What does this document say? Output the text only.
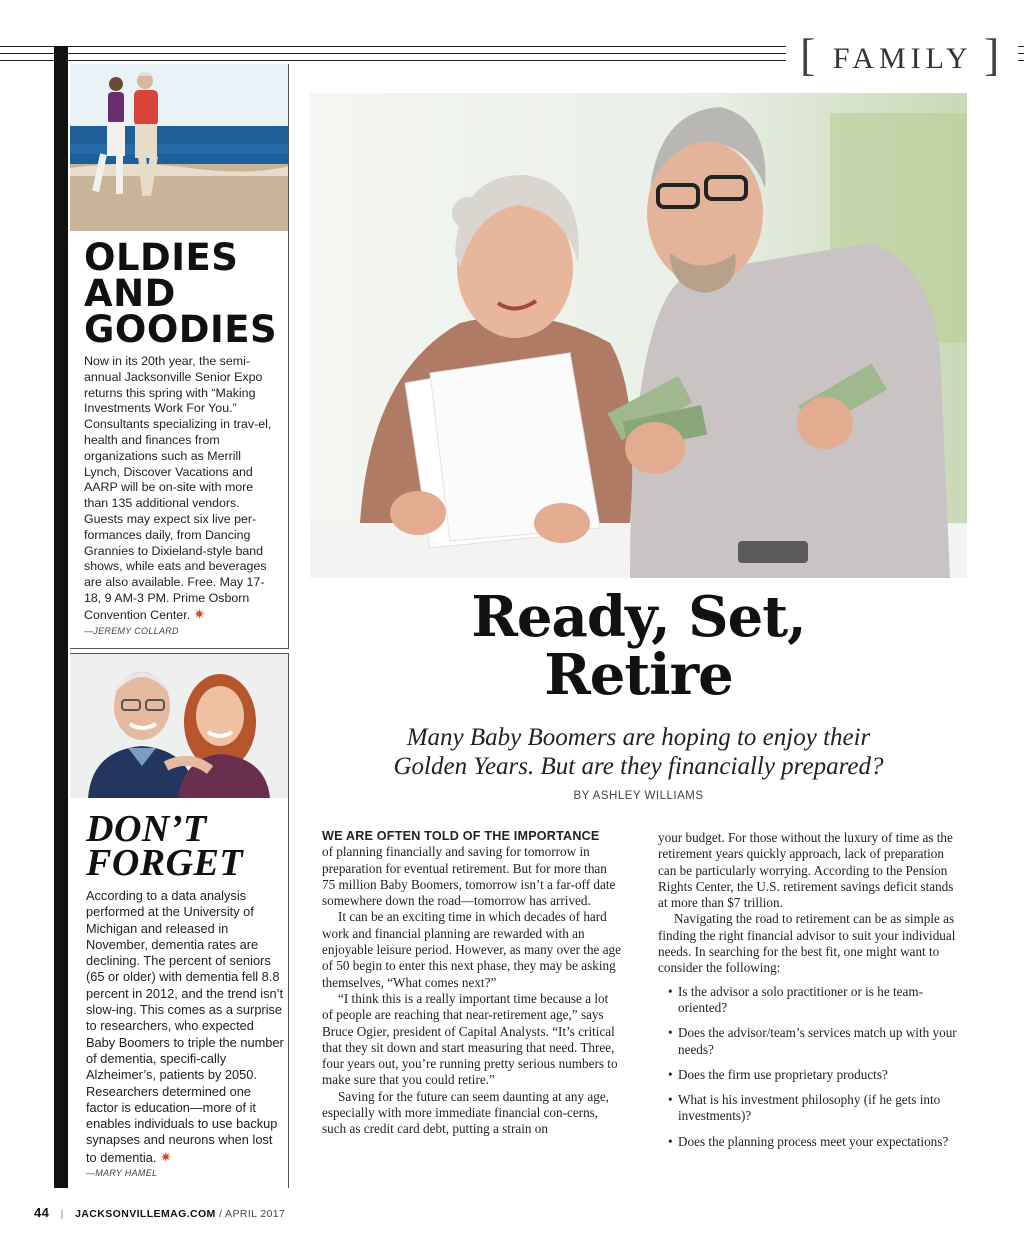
[ FAMILY ]
OLDIES
AND
GOODIES

Now in its 20th year, the semi-annual Jacksonville Senior Expo returns this spring with “Making Investments Work For You.” Consultants specializing in trav-el, health and finances from organizations such as Merrill Lynch, Discover Vacations and AARP will be on-site with more than 135 additional vendors. Guests may expect six live per-formances daily, from Dancing Grannies to Dixieland-style band shows, while eats and beverages are also available. Free. May 17-18, 9 AM-3 PM. Prime Osborn Convention Center. ✷

—JEREMY COLLARD
DON’T
FORGET

According to a data analysis performed at the University of Michigan and released in November, dementia rates are declining. The percent of seniors (65 or older) with dementia fell 8.8 percent in 2012, and the trend isn’t slow-ing. This comes as a surprise to researchers, who expected Baby Boomers to triple the number of dementia, specifi-cally Alzheimer’s, patients by 2050. Researchers determined one factor is education—more of it enables individuals to use backup synapses and neurons when lost to dementia. ✷

—MARY HAMEL
Ready, Set,
Retire
Many Baby Boomers are hoping to enjoy their
Golden Years. But are they financially prepared?
BY ASHLEY WILLIAMS
WE ARE OFTEN TOLD OF THE IMPORTANCE

of planning financially and saving for tomorrow in preparation for eventual retirement. But for more than 75 million Baby Boomers, tomorrow isn’t a far-off date somewhere down the road—tomorrow has arrived.

It can be an exciting time in which decades of hard work and financial planning are rewarded with an enjoyable leisure period. However, as many over the age of 50 begin to enter this next phase, they may be asking themselves, “What comes next?”

“I think this is a really important time because a lot of people are reaching that near-retirement age,” says Bruce Ogier, president of Capital Analysts. “It’s critical that they sit down and start measuring that need. Three, four years out, you’re running pretty serious numbers to make sure that you could retire.”

Saving for the future can seem daunting at any age, especially with more immediate financial con-cerns, such as credit card debt, putting a strain on

your budget. For those without the luxury of time as the retirement years quickly approach, lack of preparation can be particularly worrying. According to the Pension Rights Center, the U.S. retirement savings deficit stands at more than $7 trillion.

Navigating the road to retirement can be as simple as finding the right financial advisor to suit your individual needs. In searching for the best fit, one might want to consider the following:

• Is the advisor a solo practitioner or is he team-oriented?
• Does the advisor/team’s services match up with your needs?
• Does the firm use proprietary products?
• What is his investment philosophy (if he gets into investments)?
• Does the planning process meet your expectations?
44 | JACKSONVILLEMAG.COM / APRIL 2017
